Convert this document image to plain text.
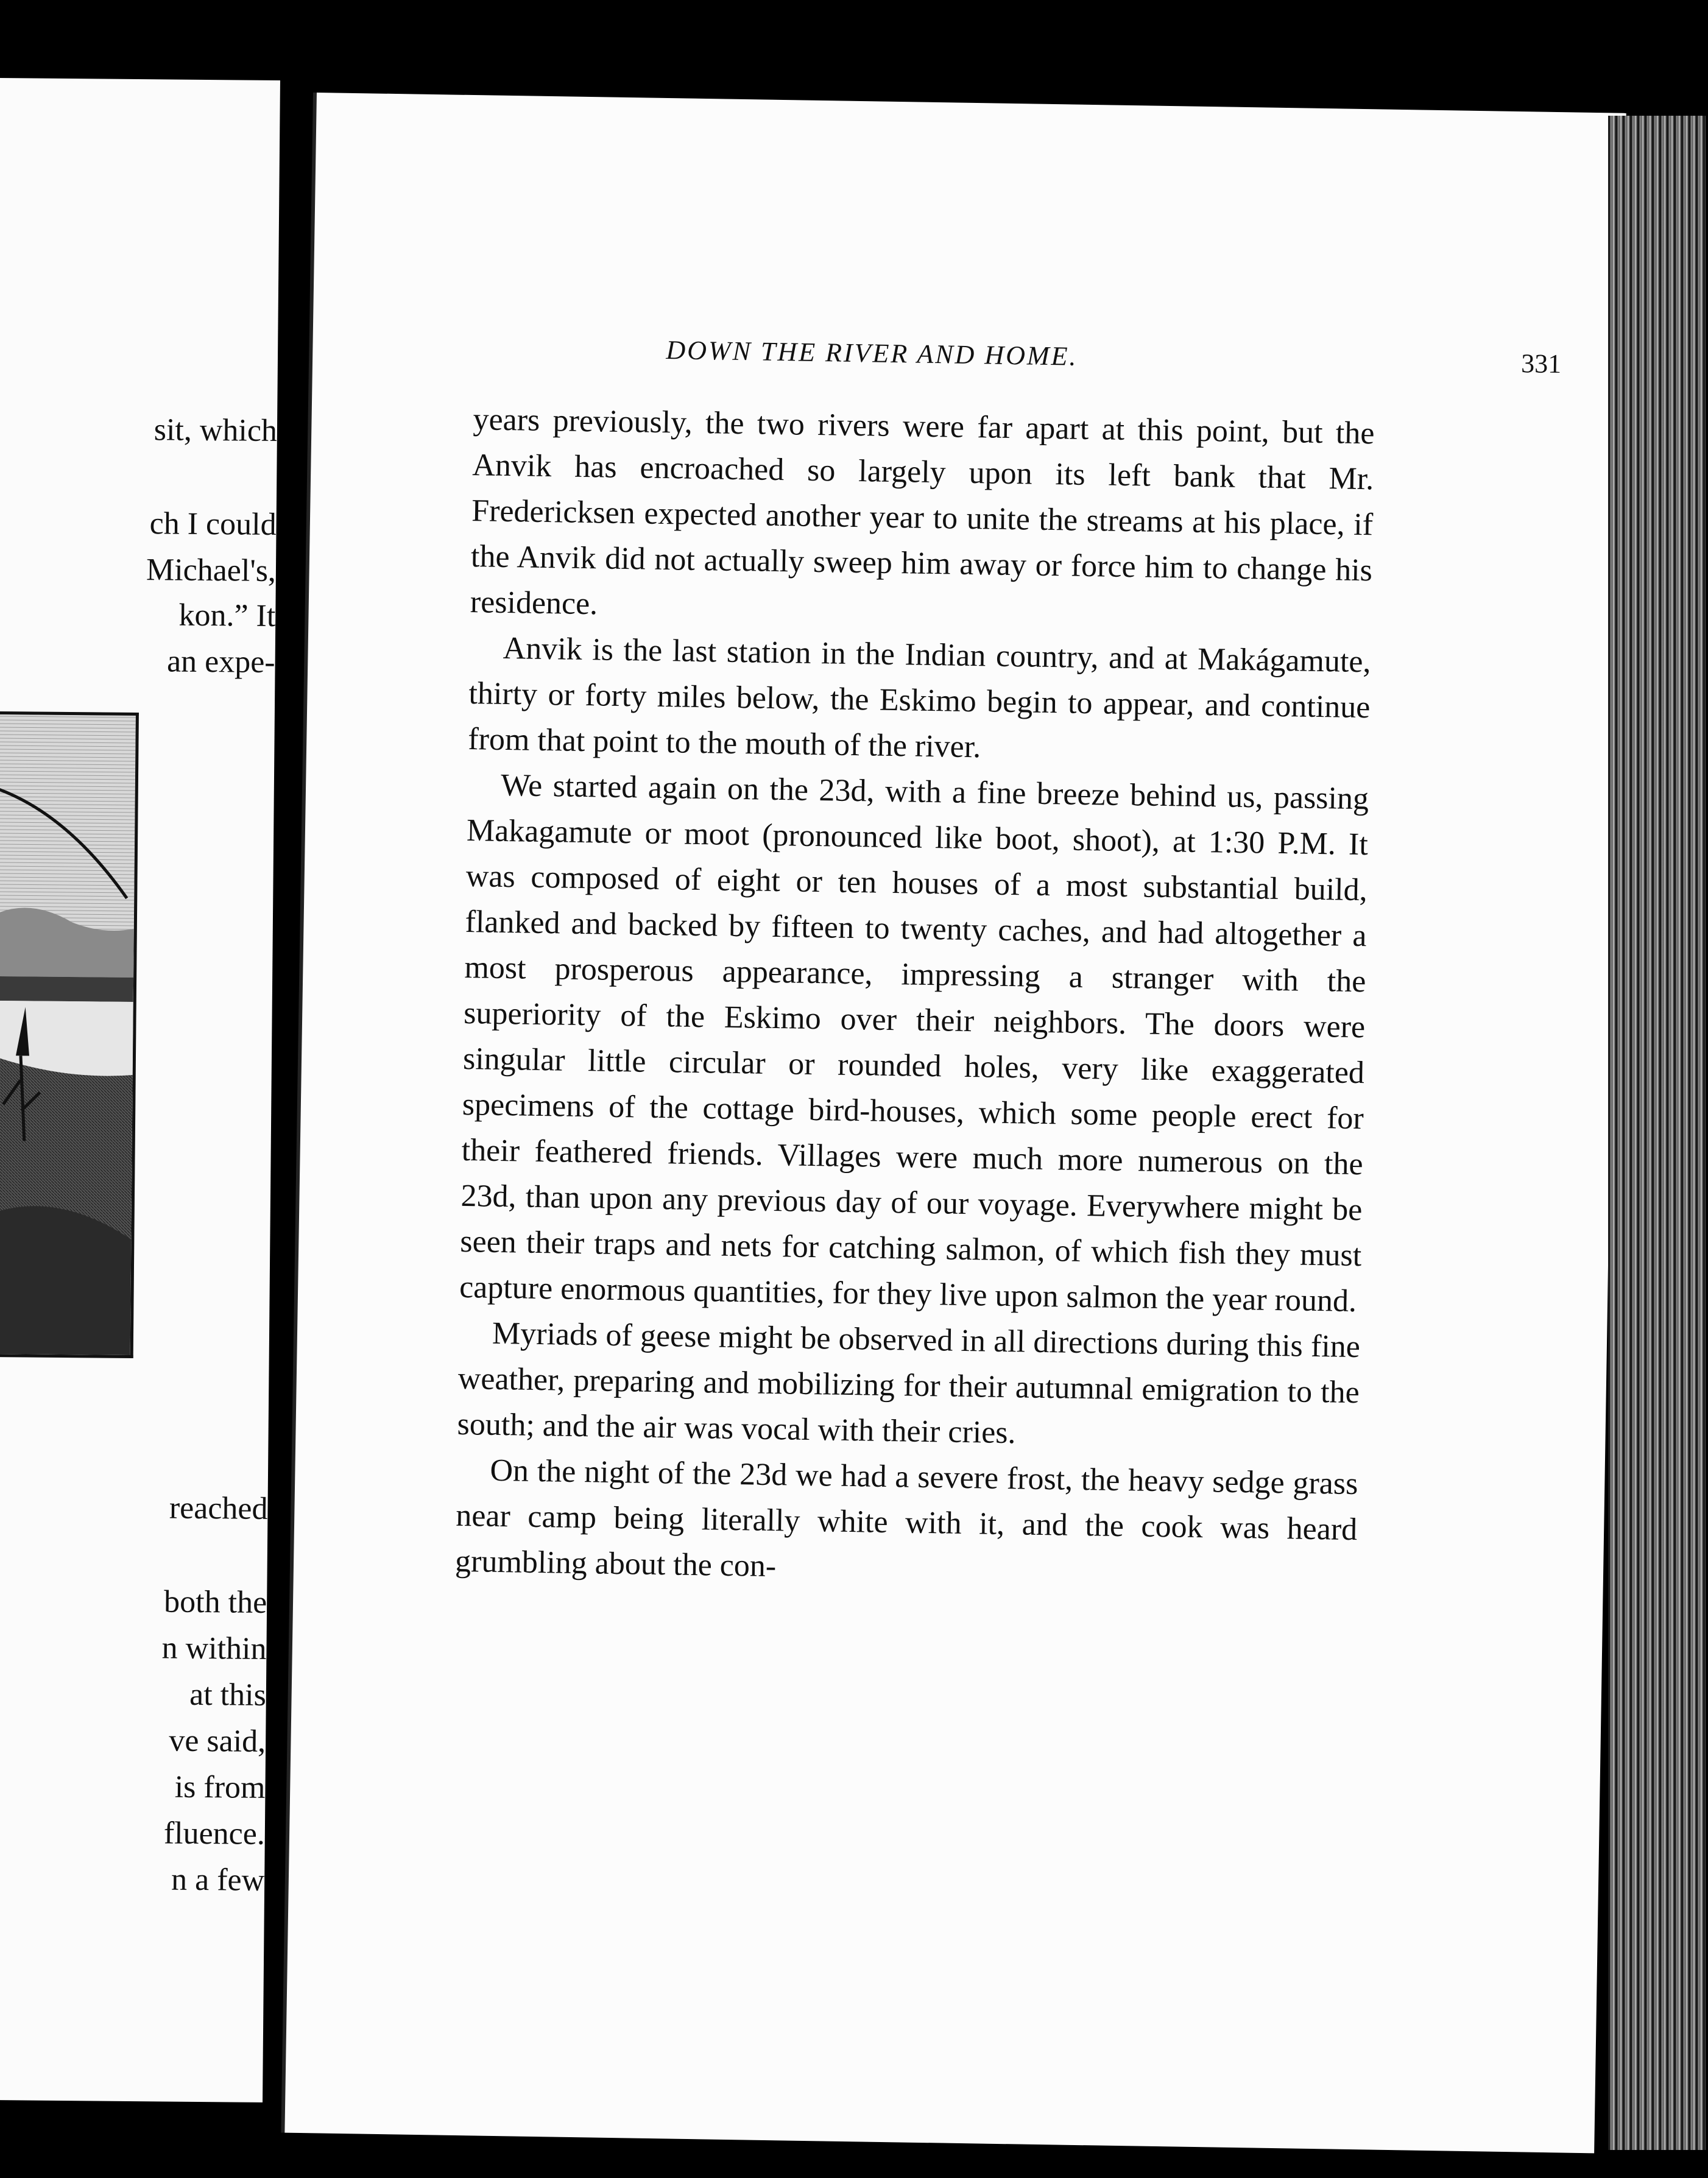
sit, which
ch I could
Michael's,
kon.” It
an expe-
reached
both the
n within
at this
ve said,
is from
fluence.
n a few
DOWN THE RIVER AND HOME.	331

years previously, the two rivers were far apart at this point, but the Anvik has encroached so largely upon its left bank that Mr. Fredericksen expected another year to unite the streams at his place, if the Anvik did not actually sweep him away or force him to change his residence.

Anvik is the last station in the Indian country, and at Makágamute, thirty or forty miles below, the Eskimo begin to appear, and continue from that point to the mouth of the river.

We started again on the 23d, with a fine breeze behind us, passing Makagamute or moot (pronounced like boot, shoot), at 1:30 P.M. It was composed of eight or ten houses of a most substantial build, flanked and backed by fifteen to twenty caches, and had altogether a most prosperous appearance, impressing a stranger with the superiority of the Eskimo over their neighbors. The doors were singular little circular or rounded holes, very like exaggerated specimens of the cottage bird-houses, which some people erect for their feathered friends. Villages were much more numerous on the 23d, than upon any previous day of our voyage. Everywhere might be seen their traps and nets for catching salmon, of which fish they must capture enormous quantities, for they live upon salmon the year round.

Myriads of geese might be observed in all directions during this fine weather, preparing and mobilizing for their autumnal emigration to the south; and the air was vocal with their cries.

On the night of the 23d we had a severe frost, the heavy sedge grass near camp being literally white with it, and the cook was heard grumbling about the con-
